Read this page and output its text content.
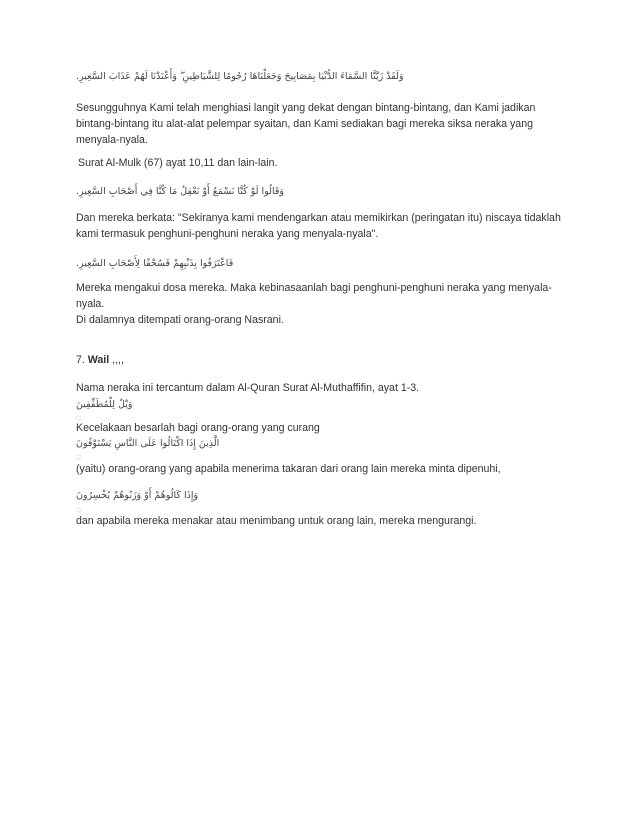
وَلَقَدْ زَيَّنَّا السَّمَاءَ الدُّنْيَا بِمَصَابِيحَ وَجَعَلْنَاهَا رُجُومًا لِلشَّيَاطِينِ ۖ وَأَعْتَدْنَا لَهُمْ عَذَابَ السَّعِيرِ.
Sesungguhnya Kami telah menghiasi langit yang dekat dengan bintang-bintang, dan Kami jadikan
bintang-bintang itu alat-alat pelempar syaitan, dan Kami sediakan bagi mereka siksa neraka yang
menyala-nyala.
Surat Al-Mulk (67) ayat 10,11 dan lain-lain.
وَقَالُوا لَوْ كُنَّا نَسْمَعُ أَوْ نَعْقِلُ مَا كُنَّا فِي أَصْحَابِ السَّعِيرِ.
Dan mereka berkata: "Sekiranya kami mendengarkan atau memikirkan (peringatan itu) niscaya tidaklah
kami termasuk penghuni-penghuni neraka yang menyala-nyala".
فَاعْتَرَفُوا بِذَنْبِهِمْ فَسُحْقًا لِأَصْحَابِ السَّعِيرِ.
Mereka mengakui dosa mereka. Maka kebinasaanlah bagi penghuni-penghuni neraka yang menyala-
nyala.
Di dalamnya ditempati orang-orang Nasrani.
7. Wail ,,,,
Nama neraka ini tercantum dalam Al-Quran Surat Al-Muthaffifin, ayat 1-3.
وَيْلٌ لِلْمُطَفِّفِينَ
۝
Kecelakaan besarlah bagi orang-orang yang curang
الَّذِينَ إِذَا اكْتَالُوا عَلَى النَّاسِ يَسْتَوْفُونَ
۝
(yaitu) orang-orang yang apabila menerima takaran dari orang lain mereka minta dipenuhi,
وَإِذَا كَالُوهُمْ أَوْ وَزَنُوهُمْ يُخْسِرُونَ
۝
dan apabila mereka menakar atau menimbang untuk orang lain, mereka mengurangi.
